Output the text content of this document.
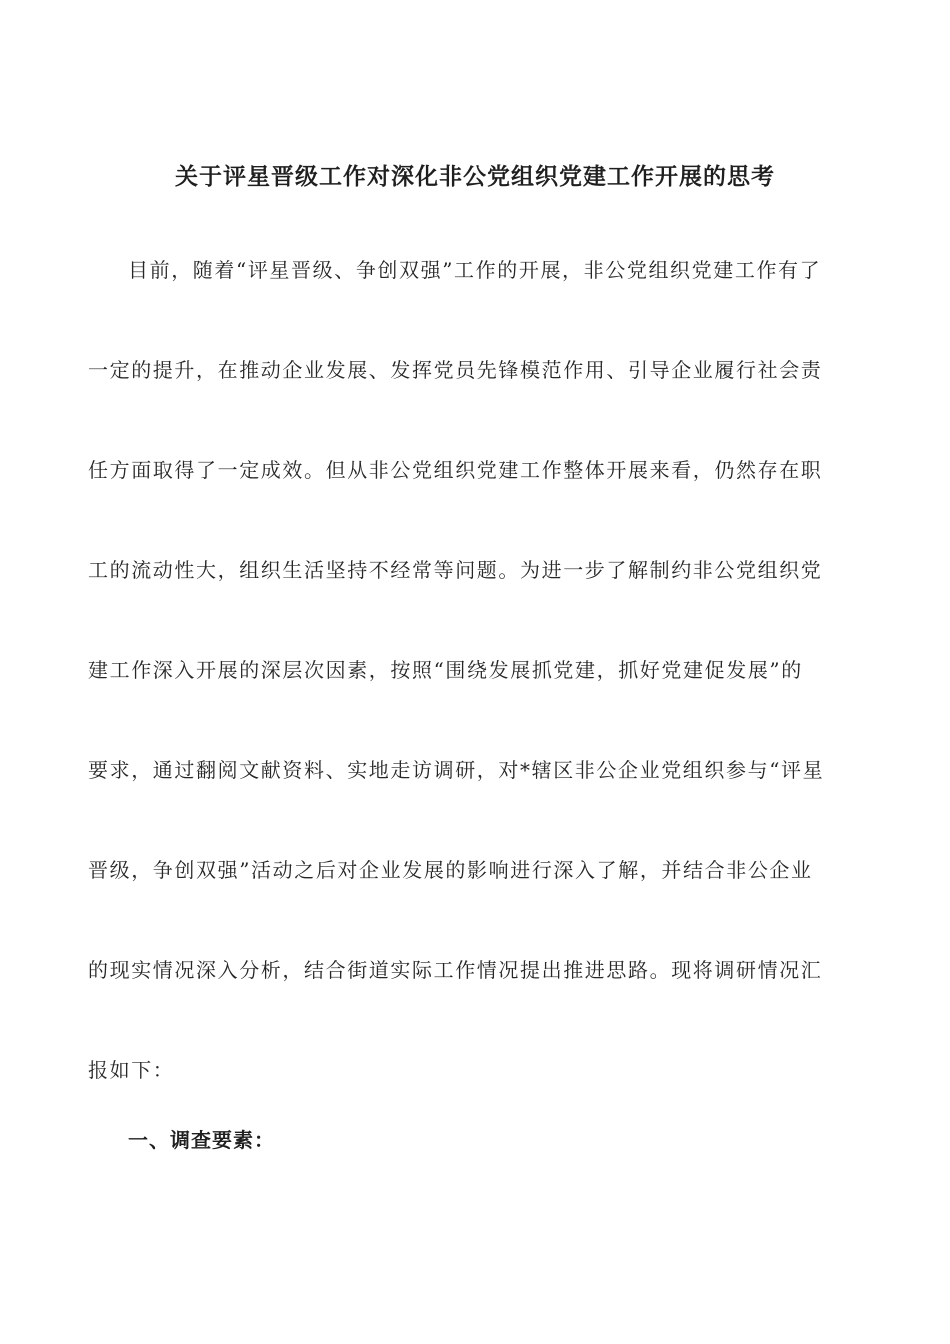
关于评星晋级工作对深化非公党组织党建工作开展的思考
目前，随着“评星晋级、争创双强”工作的开展，非公党组织党建工作有了
一定的提升，在推动企业发展、发挥党员先锋模范作用、引导企业履行社会责
任方面取得了一定成效。但从非公党组织党建工作整体开展来看，仍然存在职
工的流动性大，组织生活坚持不经常等问题。为进一步了解制约非公党组织党
建工作深入开展的深层次因素，按照“围绕发展抓党建，抓好党建促发展”的
要求，通过翻阅文献资料、实地走访调研，对*辖区非公企业党组织参与“评星
晋级，争创双强”活动之后对企业发展的影响进行深入了解，并结合非公企业
的现实情况深入分析，结合街道实际工作情况提出推进思路。现将调研情况汇
报如下：
一、调查要素：
